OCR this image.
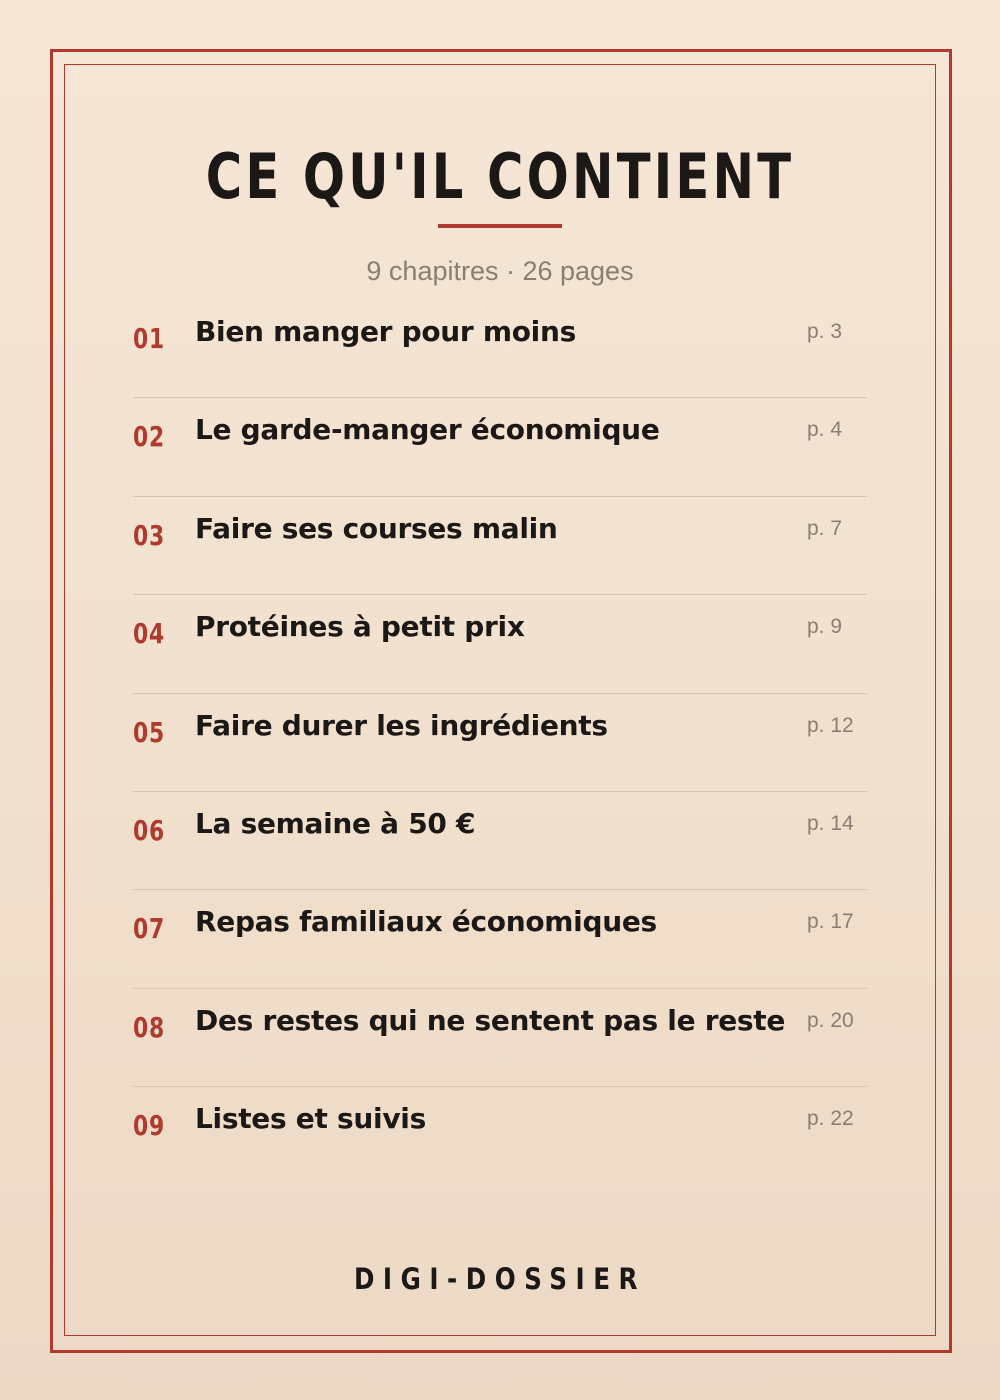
CE QU'IL CONTIENT
9 chapitres · 26 pages
01 Bien manger pour moins	p. 3
02 Le garde-manger économique	p. 4
03 Faire ses courses malin	p. 7
04 Protéines à petit prix	p. 9
05 Faire durer les ingrédients	p. 12
06 La semaine à 50 €	p. 14
07 Repas familiaux économiques	p. 17
08 Des restes qui ne sentent pas le reste p. 20
09 Listes et suivis	p. 22
DIGI-DOSSIER
